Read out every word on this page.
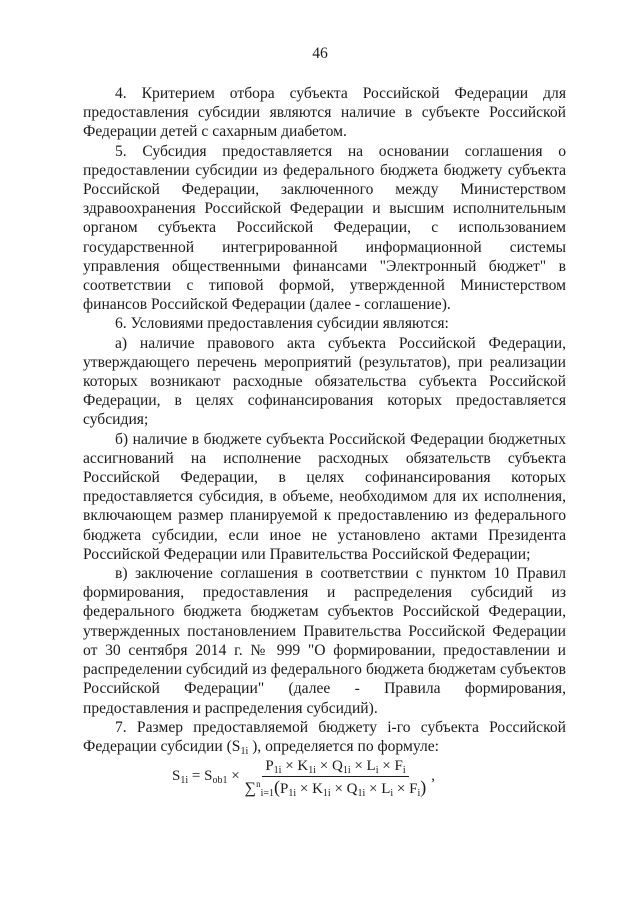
46

4. Критерием отбора субъекта Российской Федерации для предоставления субсидии являются наличие в субъекте Российской Федерации детей с сахарным диабетом.

5. Субсидия предоставляется на основании соглашения о предоставлении субсидии из федерального бюджета бюджету субъекта Российской Федерации, заключенного между Министерством здравоохранения Российской Федерации и высшим исполнительным органом субъекта Российской Федерации, с использованием государственной интегрированной информационной системы управления общественными финансами "Электронный бюджет" в соответствии с типовой формой, утвержденной Министерством финансов Российской Федерации (далее - соглашение).

6. Условиями предоставления субсидии являются:

а) наличие правового акта субъекта Российской Федерации, утверждающего перечень мероприятий (результатов), при реализации которых возникают расходные обязательства субъекта Российской Федерации, в целях софинансирования которых предоставляется субсидия;

б) наличие в бюджете субъекта Российской Федерации бюджетных ассигнований на исполнение расходных обязательств субъекта Российской Федерации, в целях софинансирования которых предоставляется субсидия, в объеме, необходимом для их исполнения, включающем размер планируемой к предоставлению из федерального бюджета субсидии, если иное не установлено актами Президента Российской Федерации или Правительства Российской Федерации;

в) заключение соглашения в соответствии с пунктом 10 Правил формирования, предоставления и распределения субсидий из федерального бюджета бюджетам субъектов Российской Федерации, утвержденных постановлением Правительства Российской Федерации от 30 сентября 2014 г. № 999 "О формировании, предоставлении и распределении субсидий из федерального бюджета бюджетам субъектов Российской Федерации" (далее - Правила формирования, предоставления и распределения субсидий).

7. Размер предоставляемой бюджету i-го субъекта Российской Федерации субсидии ($S_{1i}$ ), определяется по формуле:

$S_{1i} = S_{ob1} \times \frac{P_{1i} \times K_{1i} \times Q_{1i} \times L_i \times F_i}{\sum^n_{i=1}(P_{1i} \times K_{1i} \times Q_{1i} \times L_i \times F_i)}$ ,
